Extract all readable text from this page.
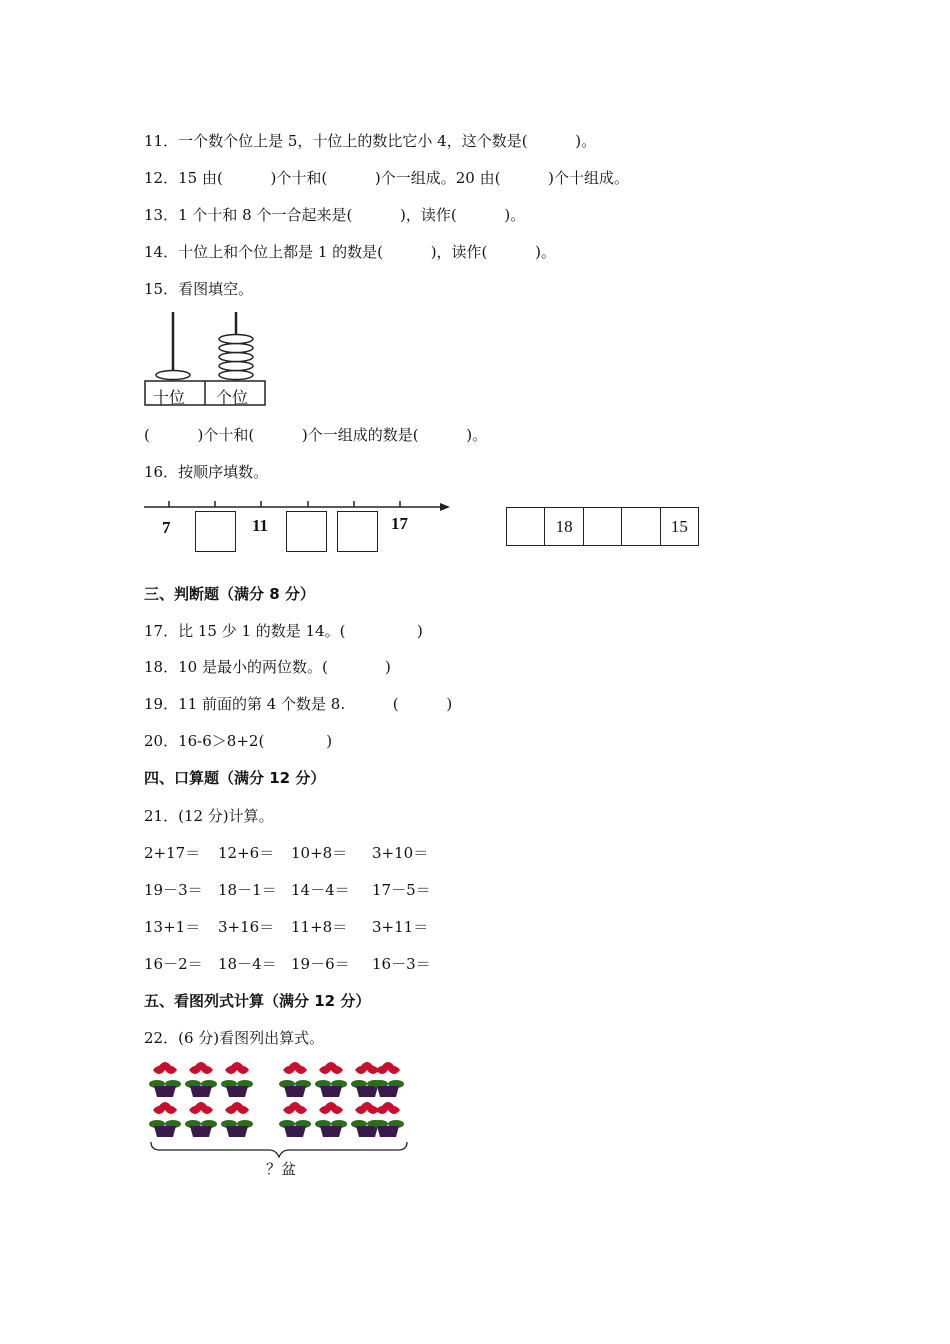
11．一个数个位上是 5，十位上的数比它小 4，这个数是(          )。
12．15 由(          )个十和(          )个一组成。20 由(          )个十组成。
13．1 个十和 8 个一合起来是(          )，读作(          )。
14．十位上和个位上都是 1 的数是(          )，读作(          )。
15．看图填空。
十位 个位
(          )个十和(          )个一组成的数是(          )。
16．按顺序填数。
7	11	17	18	15
三、判断题（满分 8 分）
17．比 15 少 1 的数是 14。(               )
18．10 是最小的两位数。(            )
19．11 前面的第 4 个数是 8.          (          )
20．16-6＞8+2(             )
四、口算题（满分 12 分）
21．(12 分)计算。
2+17＝ 12+6＝ 10+8＝ 3+10＝
19－3＝ 18－1＝ 14－4＝ 17－5＝
13+1＝ 3+16＝ 11+8＝ 3+11＝
16－2＝ 18－4＝ 19－6＝ 16－3＝
五、看图列式计算（满分 12 分）
22．(6 分)看图列出算式。
？盆
